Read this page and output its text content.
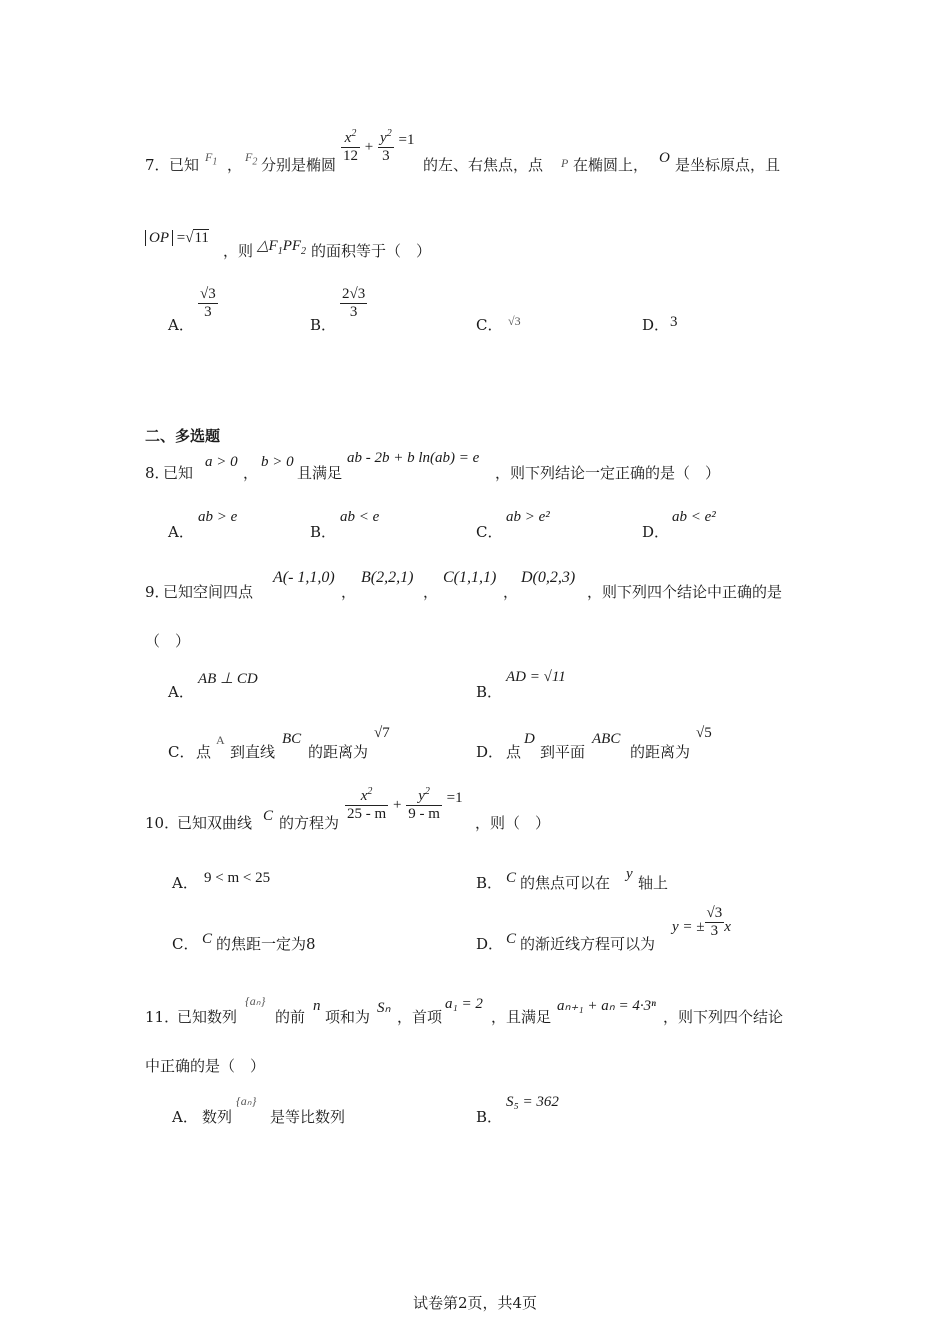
7． 已知 $F_1$ ， $F_2$ 分别是椭圆 $\frac{x^2}{12} + \frac{y^2}{3} =1$
的左、右焦点，点 P 在椭圆上， O 是坐标原点，且
OP =√11
，则 $\triangle F_1PF_2$ 的面积等于（　）
A．
$\frac{√3}{3}$
B．
$\frac{2√3}{3}$
C． √3	D． 3
二、多选题
8．
已知
a > 0
，
b > 0
且满足
ab - 2b + b ln(ab) = e
，则下列结论一定正确的是（　）
A．
ab > e
B．
ab < e
C．
ab > e²
D．
ab < e²
9．
已知空间四点
A(- 1,1,0)
，
B(2,2,1)
，
C(1,1,1)
，
D(0,2,3)
，则下列四个结论中正确的是
（　）
A．
AB ⊥ CD
B．
AD = √11
C． 点
A
到直线
BC
的距离为
√7
D． 点
D
到平面
ABC
的距离为
√5
10．
已知双曲线 C 的方程为 $\frac{x^2}{25 - m} + \frac{y^2}{9 - m} =1$
，则（　）
A． 9 < m < 25	B． C 的焦点可以在 y 轴上
C． C 的焦距一定为8	D． C 的渐近线方程可以为
y = ± $\frac{√3}{3}$ x
11．
已知数列
{aₙ}
的前
n
项和为 Sₙ ，首项
a₁ = 2
，且满足
aₙ₊₁ + aₙ = 4·3ⁿ
，则下列四个结论
中正确的是（　）
A． 数列
{aₙ}
是等比数列	B．
S₅ = 362
试卷第2页，共4页
